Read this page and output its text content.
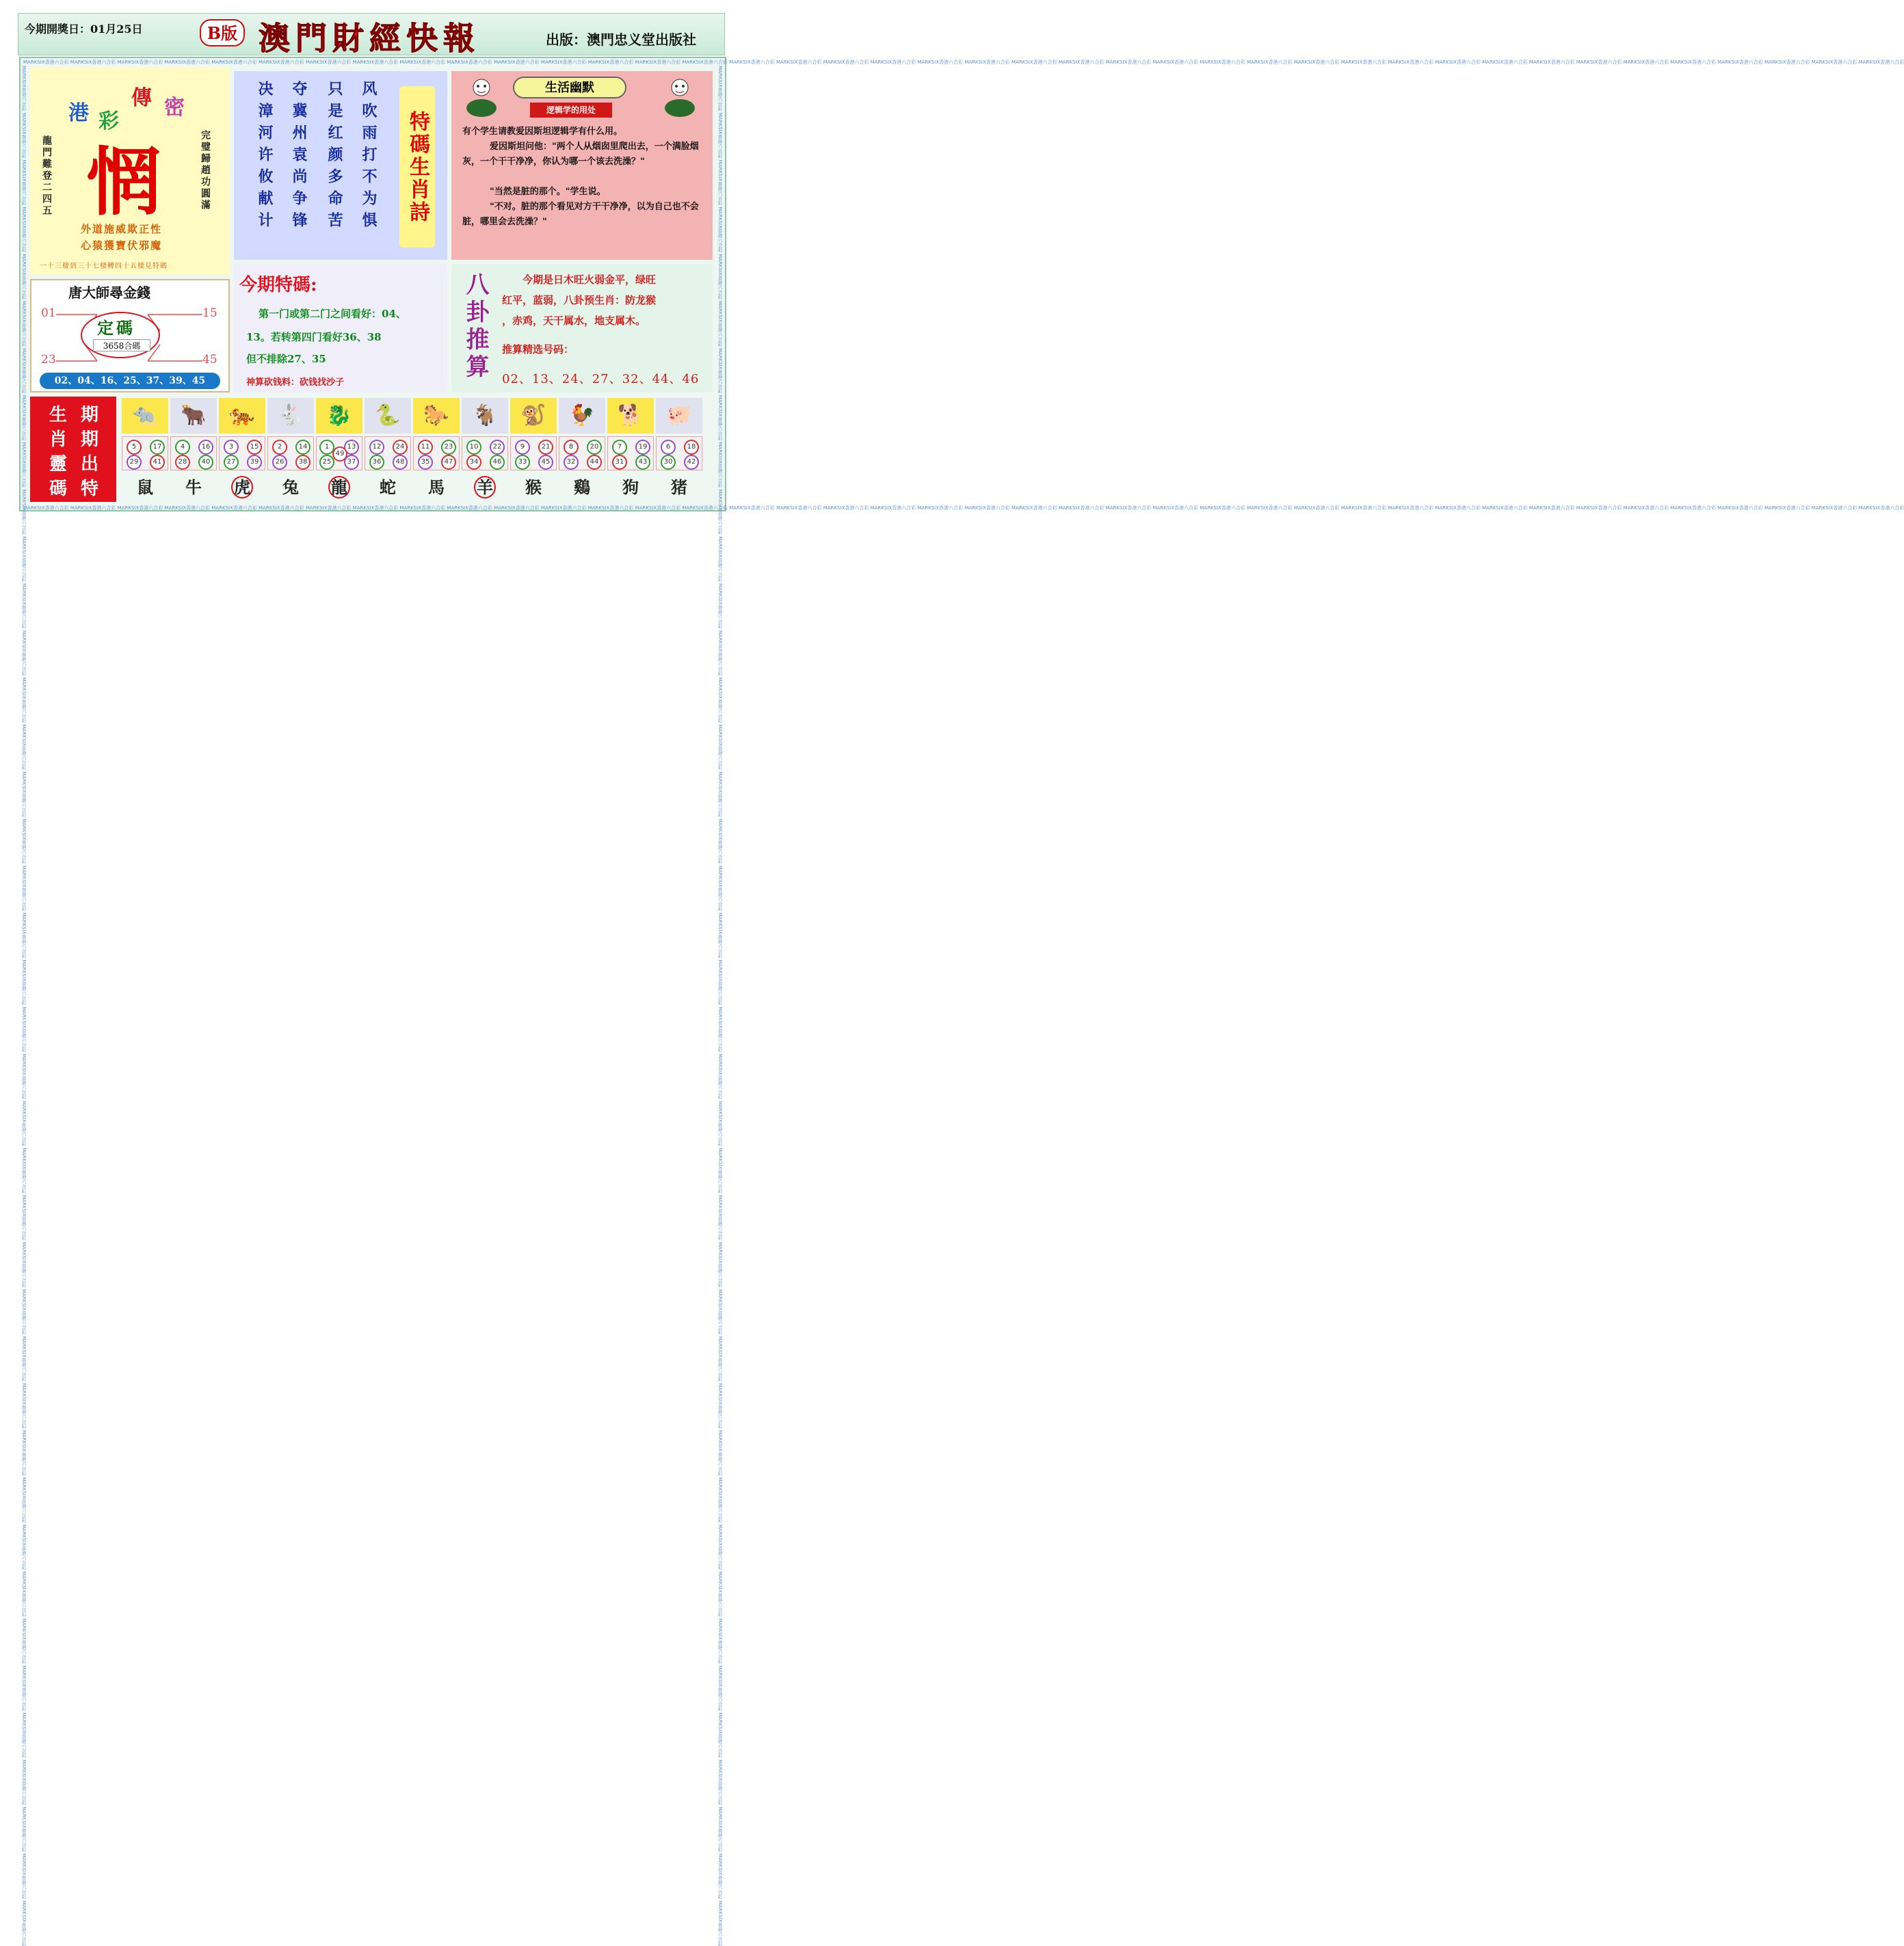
今期開獎日：01月25日	B版 澳門財經快報	出版：澳門忠义堂出版社
MARKSIX香港六合彩 MARKSIX香港六合彩 MARKSIX香港六合彩 MARKSIX香港六合彩 MARKSIX香港六合彩 MARKSIX香港六合彩 MARKSIX香港六合彩 MARKSIX香港六合彩 MARKSIX香港六合彩 MARKSIX香港六合彩 MARKSIX香港六合彩 MARKSIX香港六合彩 MARKSIX香港六合彩 MARKSIX香港六合彩 MARKSIX香港六合彩 MARKSIX香港六合彩 MARKSIX香港六合彩 MARKSIX香港六合彩 MARKSIX香港六合彩 MARKSIX香港六合彩 MARKSIX香港六合彩 MARKSIX香港六合彩 MARKSIX香港六合彩 MARKSIX香港六合彩 MARKSIX香港六合彩 MARKSIX香港六合彩 MARKSIX香港六合彩 MARKSIX香港六合彩 MARKSIX香港六合彩 MARKSIX香港六合彩 MARKSIX香港六合彩 MARKSIX香港六合彩 MARKSIX香港六合彩 MARKSIX香港六合彩 MARKSIX香港六合彩 MARKSIX香港六合彩 MARKSIX香港六合彩 MARKSIX香港六合彩 MARKSIX香港六合彩 MARKSIX香港六合彩
MARKSIX香港六合彩 MARKSIX香港六合彩 MARKSIX香港六合彩 MARKSIX香港六合彩 MARKSIX香港六合彩 MARKSIX香港六合彩 MARKSIX香港六合彩 MARKSIX香港六合彩 MARKSIX香港六合彩 MARKSIX香港六合彩 MARKSIX香港六合彩 MARKSIX香港六合彩 MARKSIX香港六合彩 MARKSIX香港六合彩 MARKSIX香港六合彩 MARKSIX香港六合彩 MARKSIX香港六合彩 MARKSIX香港六合彩 MARKSIX香港六合彩 MARKSIX香港六合彩 MARKSIX香港六合彩 MARKSIX香港六合彩 MARKSIX香港六合彩 MARKSIX香港六合彩 MARKSIX香港六合彩 MARKSIX香港六合彩 MARKSIX香港六合彩 MARKSIX香港六合彩 MARKSIX香港六合彩 MARKSIX香港六合彩 MARKSIX香港六合彩 MARKSIX香港六合彩 MARKSIX香港六合彩 MARKSIX香港六合彩 MARKSIX香港六合彩 MARKSIX香港六合彩 MARKSIX香港六合彩 MARKSIX香港六合彩 MARKSIX香港六合彩 MARKSIX香港六合彩
MARKSIX香港六合彩 MARKSIX香港六合彩 MARKSIX香港六合彩 MARKSIX香港六合彩 MARKSIX香港六合彩 MARKSIX香港六合彩 MARKSIX香港六合彩 MARKSIX香港六合彩 MARKSIX香港六合彩 MARKSIX香港六合彩 MARKSIX香港六合彩 MARKSIX香港六合彩 MARKSIX香港六合彩 MARKSIX香港六合彩 MARKSIX香港六合彩 MARKSIX香港六合彩 MARKSIX香港六合彩 MARKSIX香港六合彩 MARKSIX香港六合彩 MARKSIX香港六合彩 MARKSIX香港六合彩 MARKSIX香港六合彩 MARKSIX香港六合彩 MARKSIX香港六合彩 MARKSIX香港六合彩 MARKSIX香港六合彩 MARKSIX香港六合彩 MARKSIX香港六合彩 MARKSIX香港六合彩 MARKSIX香港六合彩 MARKSIX香港六合彩 MARKSIX香港六合彩 MARKSIX香港六合彩 MARKSIX香港六合彩 MARKSIX香港六合彩 MARKSIX香港六合彩 MARKSIX香港六合彩 MARKSIX香港六合彩 MARKSIX香港六合彩 MARKSIX香港六合彩	MARKSIX香港六合彩 MARKSIX香港六合彩 MARKSIX香港六合彩 MARKSIX香港六合彩 MARKSIX香港六合彩 MARKSIX香港六合彩 MARKSIX香港六合彩 MARKSIX香港六合彩 MARKSIX香港六合彩 MARKSIX香港六合彩 MARKSIX香港六合彩 MARKSIX香港六合彩 MARKSIX香港六合彩 MARKSIX香港六合彩 MARKSIX香港六合彩 MARKSIX香港六合彩 MARKSIX香港六合彩 MARKSIX香港六合彩 MARKSIX香港六合彩 MARKSIX香港六合彩 MARKSIX香港六合彩 MARKSIX香港六合彩 MARKSIX香港六合彩 MARKSIX香港六合彩 MARKSIX香港六合彩 MARKSIX香港六合彩 MARKSIX香港六合彩 MARKSIX香港六合彩 MARKSIX香港六合彩 MARKSIX香港六合彩 MARKSIX香港六合彩 MARKSIX香港六合彩 MARKSIX香港六合彩 MARKSIX香港六合彩 MARKSIX香港六合彩 MARKSIX香港六合彩 MARKSIX香港六合彩 MARKSIX香港六合彩 MARKSIX香港六合彩 MARKSIX香港六合彩
港 彩
傳 密
惘
龍門難登二四五	完璧歸趙功圓滿
外道施威欺正性
心猿獲寶伏邪魔
一十三棲到三十七棲轉四十五棲見特碼
唐大師尋金錢
01	15
23	45
定碼
3658合碼
02、04、16、25、37、39、45
风吹雨打不为惧
只是红颜多命苦
夺冀州袁尚争锋
决漳河许攸献计	特碼生肖詩
生活幽默
逻辑学的用处
有个学生请教爱因斯坦逻辑学有什么用。
爱因斯坦问他："两个人从烟囱里爬出去，一个满脸烟灰，一个干干净净，你认为哪一个该去洗澡？"
"当然是脏的那个。"学生说。
"不对。脏的那个看见对方干干净净，以为自己也不会脏，哪里会去洗澡？"
今期特碼:
第一门或第二门之间看好：04、
13。若转第四门看好36、38
但不排除27、35
神算砍钱料：砍钱找沙子
八卦推算	今期是日木旺火弱金平，绿旺
红平，蓝弱，八卦预生肖：防龙猴
，赤鸡，天干属水，地支属木。
推算精选号码：
02、13、24、27、32、44、46
生 期
肖 期
靈 出
碼 特
🐀
5	17
29	41
鼠
🐂
4	16
28	40
牛
🐅
3	15
27	39
虎
🐇
2	14
26	38
兔
🐉
1	13
49
25	37
龍
🐍
12	24
36	48
蛇
🐎
11	23
35	47
馬
🐐
10	22
34	46
羊
🐒
9	21
33	45
猴
🐓
8	20
32	44
鷄
🐕
7	19
31	43
狗
🐖
6	18
30	42
猪
